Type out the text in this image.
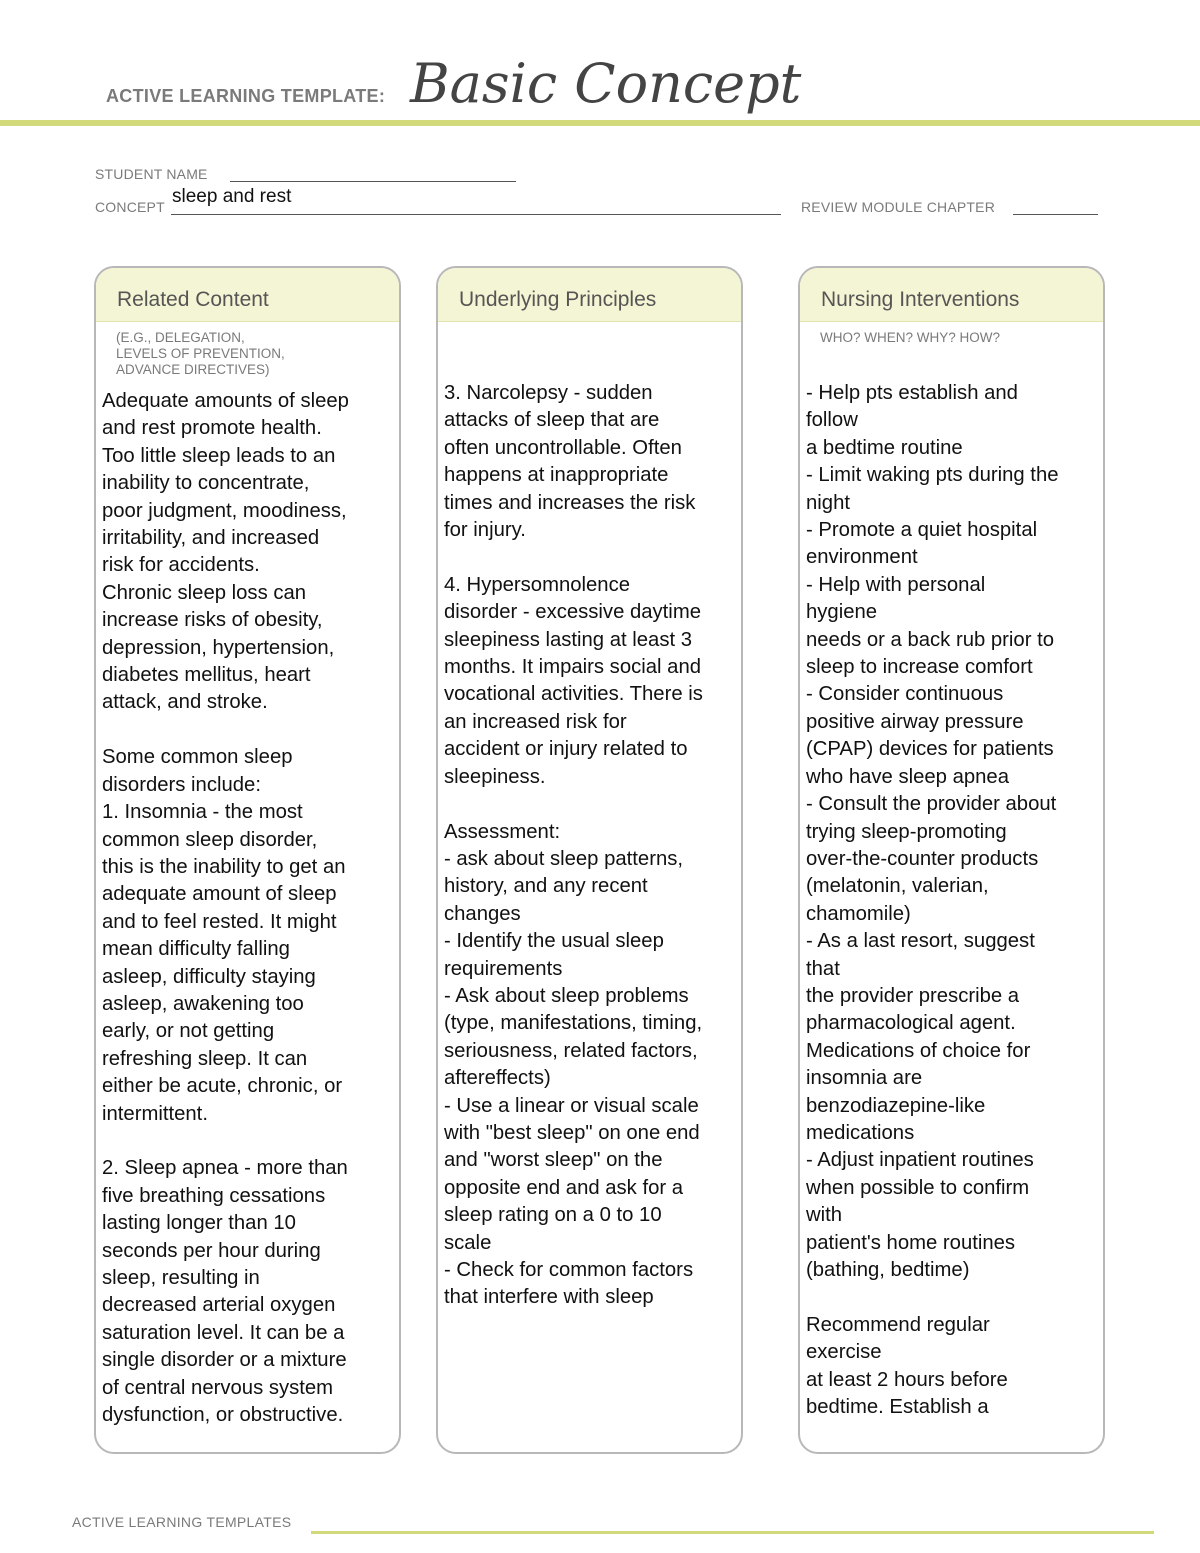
ACTIVE LEARNING TEMPLATE: Basic Concept
STUDENT NAME
CONCEPT sleep and rest	REVIEW MODULE CHAPTER
Related Content
(E.G., DELEGATION,
LEVELS OF PREVENTION,
ADVANCE DIRECTIVES)
Adequate amounts of sleep
and rest promote health.
Too little sleep leads to an
inability to concentrate,
poor judgment, moodiness,
irritability, and increased
risk for accidents.
Chronic sleep loss can
increase risks of obesity,
depression, hypertension,
diabetes mellitus, heart
attack, and stroke.

Some common sleep
disorders include:
1. Insomnia - the most
common sleep disorder,
this is the inability to get an
adequate amount of sleep
and to feel rested. It might
mean difficulty falling
asleep, difficulty staying
asleep, awakening too
early, or not getting
refreshing sleep. It can
either be acute, chronic, or
intermittent.

2. Sleep apnea - more than
five breathing cessations
lasting longer than 10
seconds per hour during
sleep, resulting in
decreased arterial oxygen
saturation level. It can be a
single disorder or a mixture
of central nervous system
dysfunction, or obstructive.
Underlying Principles
3. Narcolepsy - sudden
attacks of sleep that are
often uncontrollable. Often
happens at inappropriate
times and increases the risk
for injury.

4. Hypersomnolence
disorder - excessive daytime
sleepiness lasting at least 3
months. It impairs social and
vocational activities. There is
an increased risk for
accident or injury related to
sleepiness.

Assessment:
- ask about sleep patterns,
history, and any recent
changes
- Identify the usual sleep
requirements
- Ask about sleep problems
(type, manifestations, timing,
seriousness, related factors,
aftereffects)
- Use a linear or visual scale
with "best sleep" on one end
and "worst sleep" on the
opposite end and ask for a
sleep rating on a 0 to 10
scale
- Check for common factors
that interfere with sleep
Nursing Interventions
WHO? WHEN? WHY? HOW?
- Help pts establish and
follow
a bedtime routine
- Limit waking pts during the
night
- Promote a quiet hospital
environment
- Help with personal
hygiene
needs or a back rub prior to
sleep to increase comfort
- Consider continuous
positive airway pressure
(CPAP) devices for patients
who have sleep apnea
- Consult the provider about
trying sleep-promoting
over-the-counter products
(melatonin, valerian,
chamomile)
- As a last resort, suggest
that
the provider prescribe a
pharmacological agent.
Medications of choice for
insomnia are
benzodiazepine-like
medications
- Adjust inpatient routines
when possible to confirm
with
patient's home routines
(bathing, bedtime)

Recommend regular
exercise
at least 2 hours before
bedtime. Establish a
ACTIVE LEARNING TEMPLATES
